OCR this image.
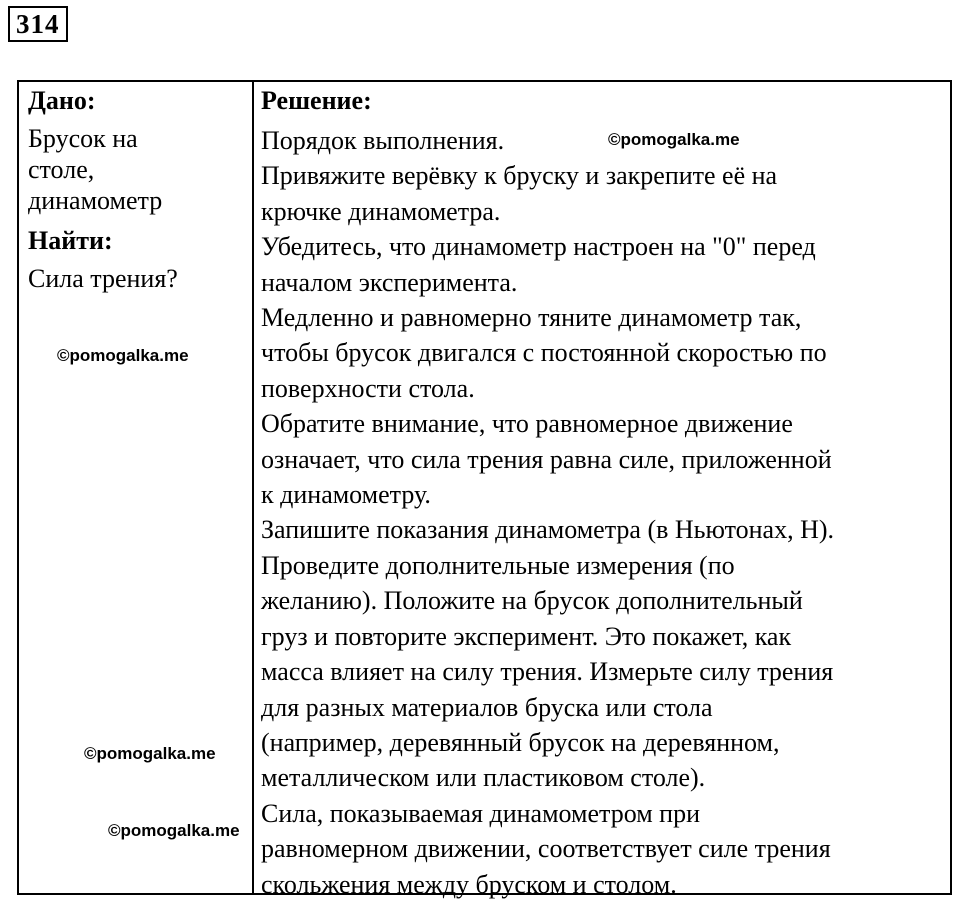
314

Дано:

Брусок на
столе,
динамометр

Найти:

Сила трения?

Решение:

Порядок выполнения.
Привяжите верёвку к бруску и закрепите её на
крючке динамометра.
Убедитесь, что динамометр настроен на "0" перед
началом эксперимента.
Медленно и равномерно тяните динамометр так,
чтобы брусок двигался с постоянной скоростью по
поверхности стола.
Обратите внимание, что равномерное движение
означает, что сила трения равна силе, приложенной
к динамометру.
Запишите показания динамометра (в Ньютонах, Н).
Проведите дополнительные измерения (по
желанию). Положите на брусок дополнительный
груз и повторите эксперимент. Это покажет, как
масса влияет на силу трения. Измерьте силу трения
для разных материалов бруска или стола
(например, деревянный брусок на деревянном,
металлическом или пластиковом столе).
Сила, показываемая динамометром при
равномерном движении, соответствует силе трения
скольжения между бруском и столом.
©pomogalka.me
©pomogalka.me
©pomogalka.me
©pomogalka.me
